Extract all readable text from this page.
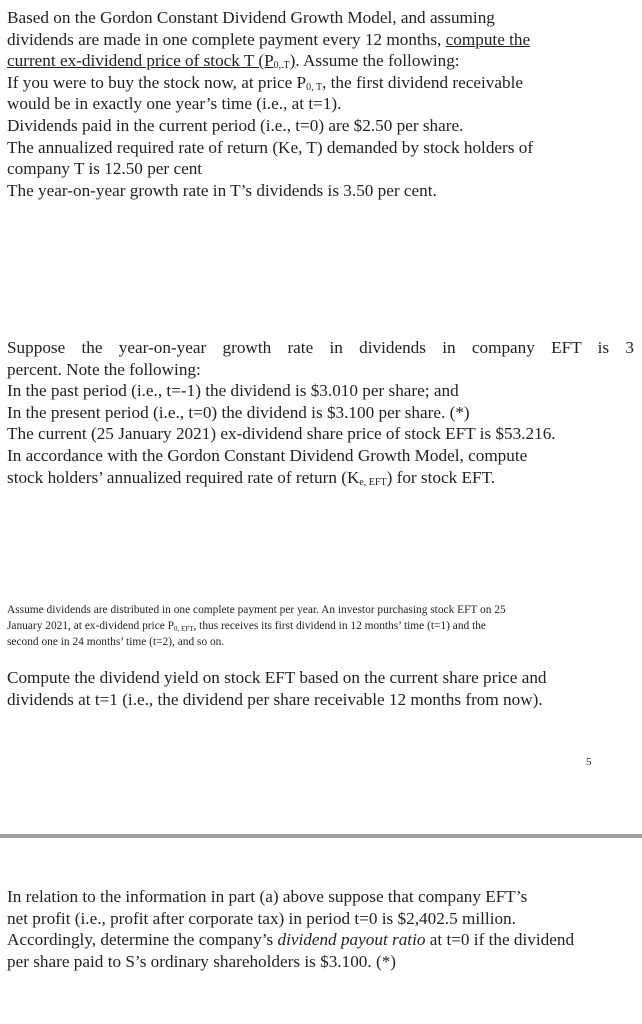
Based on the Gordon Constant Dividend Growth Model, and assuming
dividends are made in one complete payment every 12 months, compute the
current ex-dividend price of stock T $(P_{0, T})$. Assume the following:
If you were to buy the stock now, at price $P_{0, T}$, the first dividend receivable
would be in exactly one year’s time (i.e., at t=1).
Dividends paid in the current period (i.e., t=0) are $2.50 per share.
The annualized required rate of return (Ke, T) demanded by stock holders of
company T is 12.50 per cent
The year-on-year growth rate in T’s dividends is 3.50 per cent.
Suppose the year-on-year growth rate in dividends in company EFT is 3
percent. Note the following:
In the past period (i.e., t=-1) the dividend is $3.010 per share; and
In the present period (i.e., t=0) the dividend is $3.100 per share. (*)
The current (25 January 2021) ex-dividend share price of stock EFT is $53.216.
In accordance with the Gordon Constant Dividend Growth Model, compute
stock holders’ annualized required rate of return $(K_{e, EFT})$ for stock EFT.
Assume dividends are distributed in one complete payment per year. An investor purchasing stock EFT on 25
January 2021, at ex-dividend price $P_{0, EFT}$, thus receives its first dividend in 12 months’ time (t=1) and the
second one in 24 months’ time (t=2), and so on.
Compute the dividend yield on stock EFT based on the current share price and
dividends at t=1 (i.e., the dividend per share receivable 12 months from now).
5
In relation to the information in part (a) above suppose that company EFT’s
net profit (i.e., profit after corporate tax) in period t=0 is $2,402.5 million.
Accordingly, determine the company’s dividend payout ratio at t=0 if the dividend
per share paid to S’s ordinary shareholders is $3.100. (*)
